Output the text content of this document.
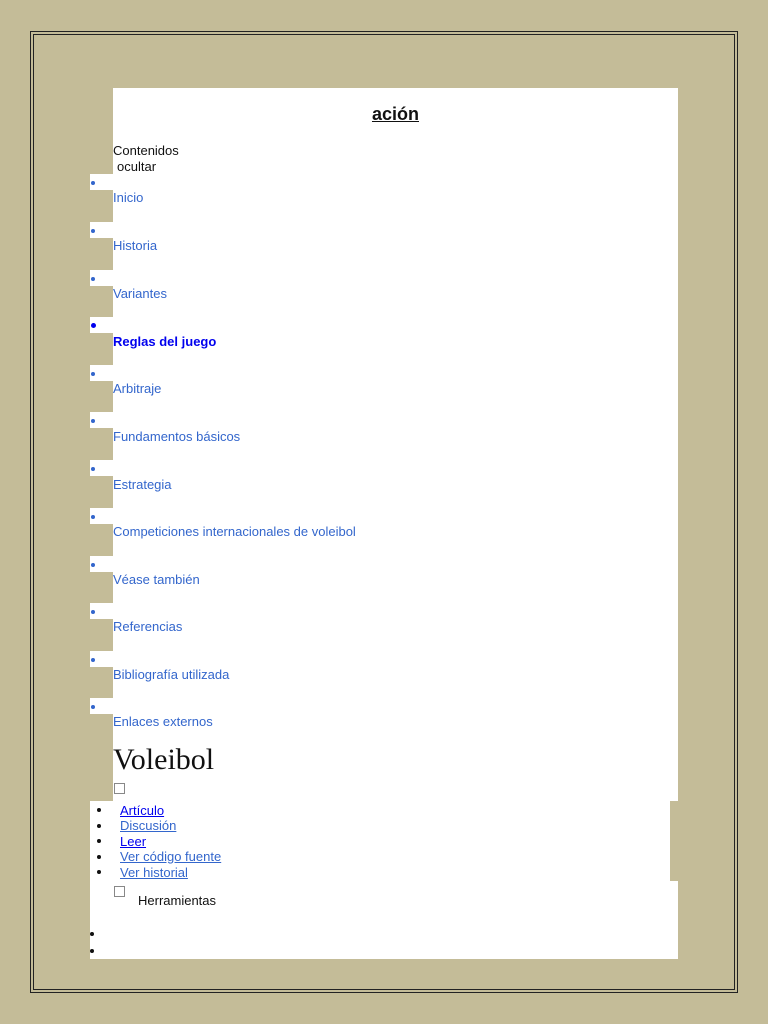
ación
Contenidos
ocultar
Inicio
Historia
Variantes
Reglas del juego
Arbitraje
Fundamentos básicos
Estrategia
Competiciones internacionales de voleibol
Véase también
Referencias
Bibliografía utilizada
Enlaces externos
Voleibol
Artículo
Discusión
Leer
Ver código fuente
Ver historial
Herramientas
